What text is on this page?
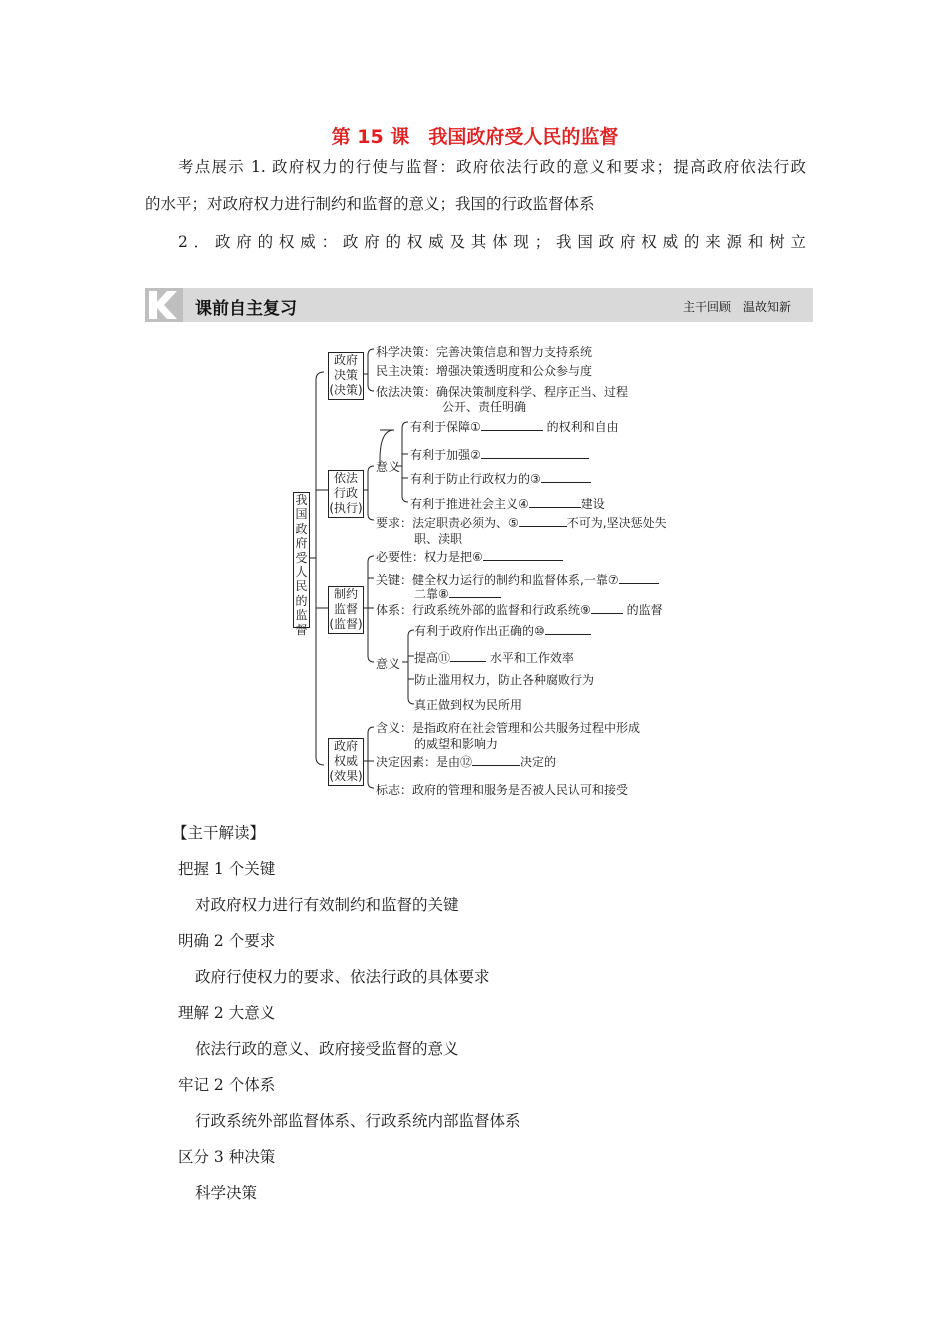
第 15 课　我国政府受人民的监督
考点展示 1. 政府权力的行使与监督：政府依法行政的意义和要求；提高政府依法行政
的水平；对政府权力进行制约和监督的意义；我国的行政监督体系
2．政府的权威：政府的权威及其体现；我国政府权威的来源和树立
课前自主复习	主干回顾　温故知新
我国政府受人民的监督
政府
决策
(决策)
科学决策：完善决策信息和智力支持系统
民主决策：增强决策透明度和公众参与度
依法决策：确保决策制度科学、程序正当、过程
公开、责任明确
依法
行政
(执行)
意义
有利于保障①	的权利和自由
有利于加强②
有利于防止行政权力的③
有利于推进社会主义④	建设
要求：法定职责必须为、⑤	不可为,坚决惩处失
职、渎职
制约
监督
(监督)
必要性：权力是把⑥
关键：健全权力运行的制约和监督体系,一靠⑦
二靠⑧
体系：行政系统外部的监督和行政系统⑨	的监督
意义
有利于政府作出正确的⑩
提高⑪	水平和工作效率
防止滥用权力，防止各种腐败行为
真正做到权为民所用
政府
权威
(效果)
含义：是指政府在社会管理和公共服务过程中形成
的威望和影响力
决定因素：是由⑫	决定的
标志：政府的管理和服务是否被人民认可和接受
【主干解读】
把握 1 个关键
对政府权力进行有效制约和监督的关键
明确 2 个要求
政府行使权力的要求、依法行政的具体要求
理解 2 大意义
依法行政的意义、政府接受监督的意义
牢记 2 个体系
行政系统外部监督体系、行政系统内部监督体系
区分 3 种决策
科学决策
